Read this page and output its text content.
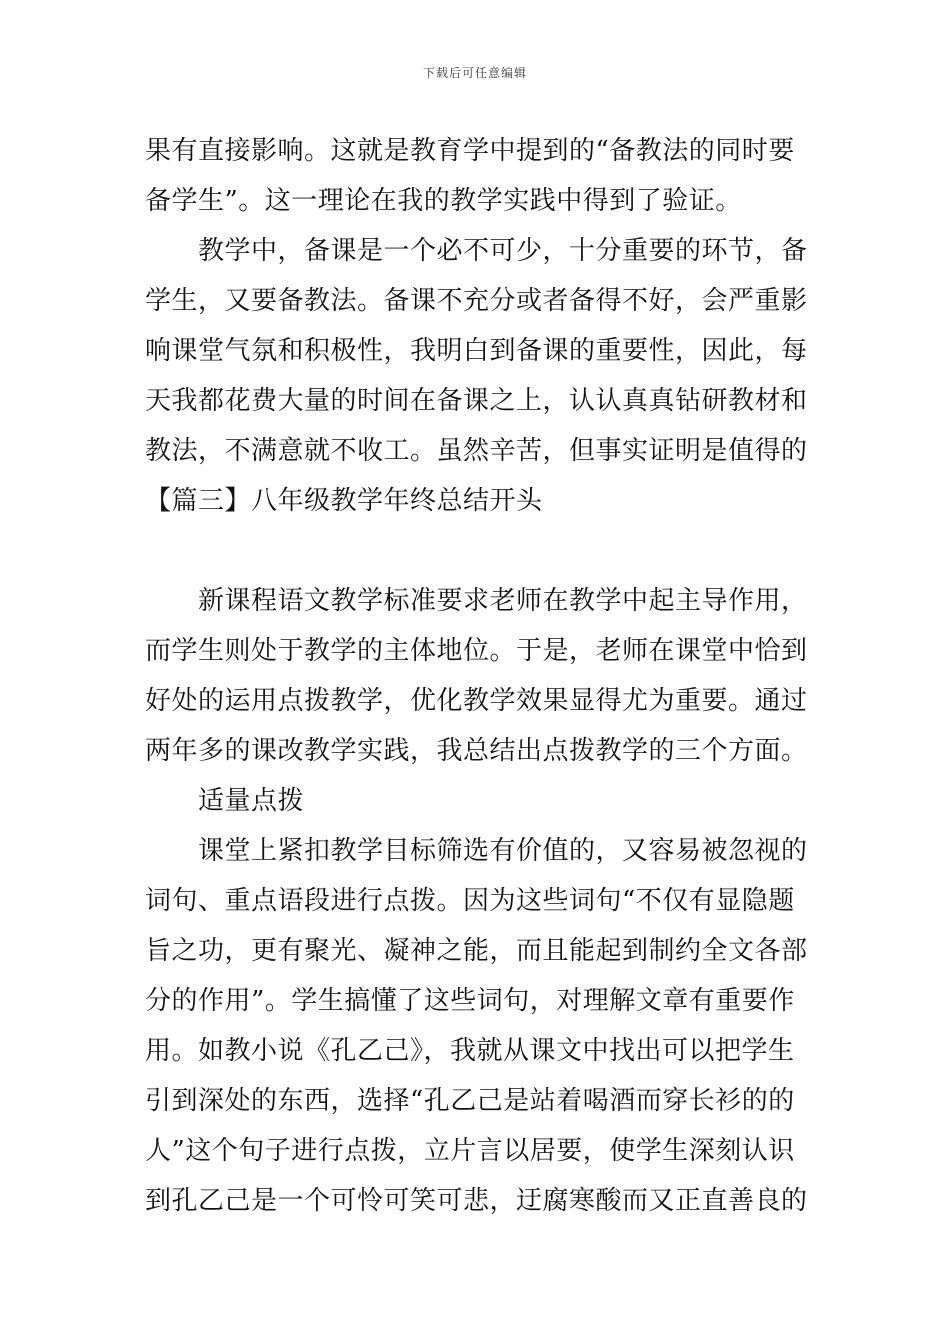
下载后可任意编辑
果有直接影响。这就是教育学中提到的“备教法的同时要
备学生”。这一理论在我的教学实践中得到了验证。
　　教学中，备课是一个必不可少，十分重要的环节，备
学生，又要备教法。备课不充分或者备得不好，会严重影
响课堂气氛和积极性，我明白到备课的重要性，因此，每
天我都花费大量的时间在备课之上，认认真真钻研教材和
教法，不满意就不收工。虽然辛苦，但事实证明是值得的
【篇三】八年级教学年终总结开头
　　新课程语文教学标准要求老师在教学中起主导作用，
而学生则处于教学的主体地位。于是，老师在课堂中恰到
好处的运用点拨教学，优化教学效果显得尤为重要。通过
两年多的课改教学实践，我总结出点拨教学的三个方面。
　　适量点拨
　　课堂上紧扣教学目标筛选有价值的，又容易被忽视的
词句、重点语段进行点拨。因为这些词句“不仅有显隐题
旨之功，更有聚光、凝神之能，而且能起到制约全文各部
分的作用”。学生搞懂了这些词句，对理解文章有重要作
用。如教小说《孔乙己》，我就从课文中找出可以把学生
引到深处的东西，选择“孔乙己是站着喝酒而穿长衫的的
人”这个句子进行点拨，立片言以居要，使学生深刻认识
到孔乙己是一个可怜可笑可悲，迂腐寒酸而又正直善良的
